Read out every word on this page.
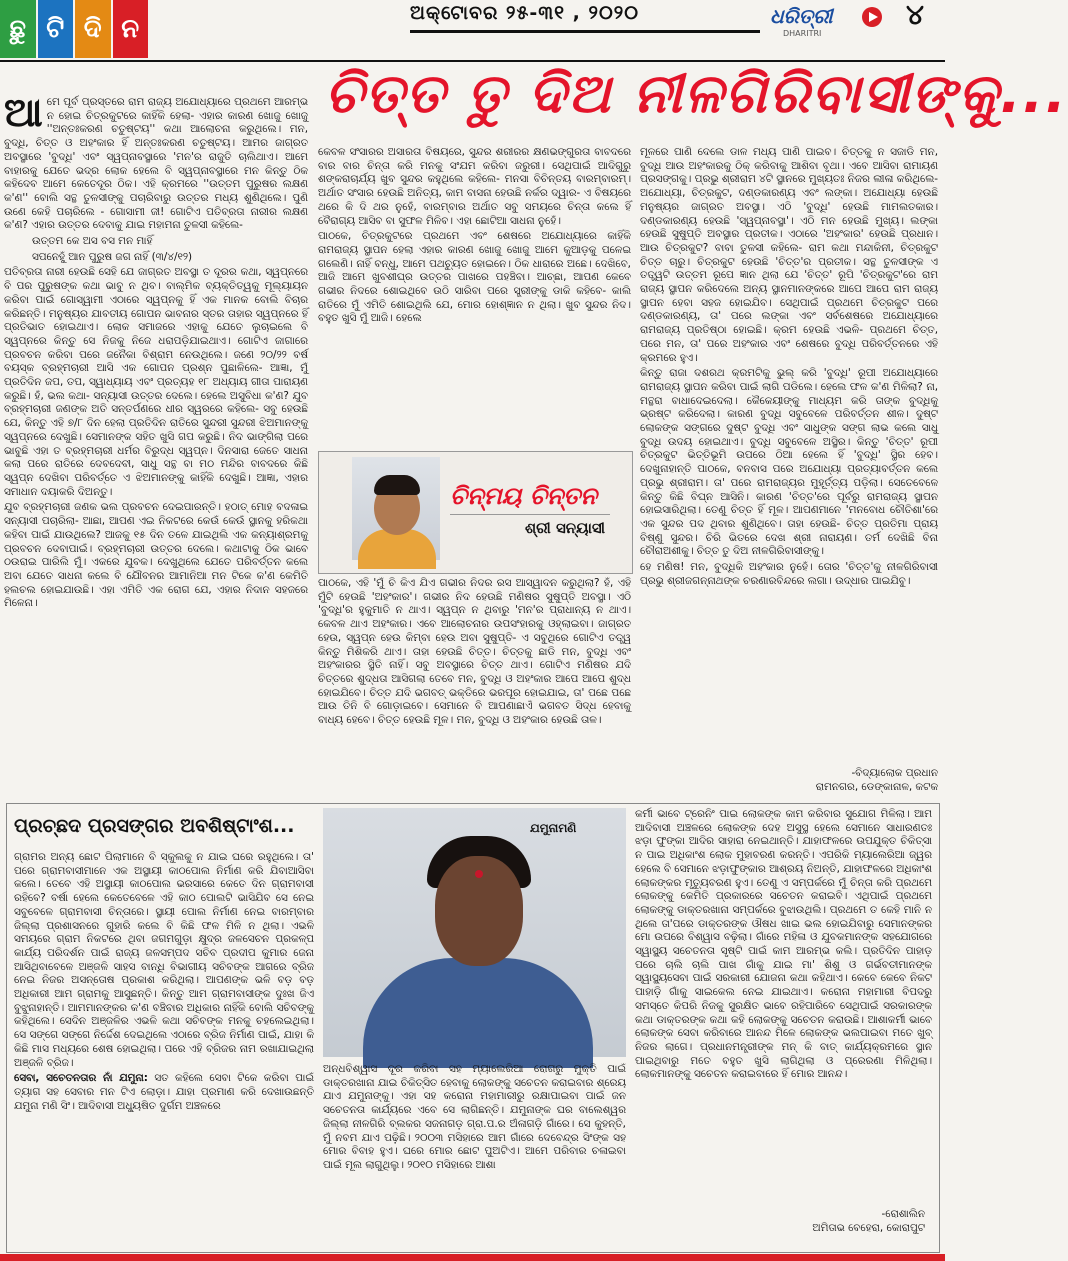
ଛୁ ଟି ଦି ନ
ଅକ୍ଟୋବର ୨୫-୩୧ , ୨୦୨୦	ଧରିତ୍ରୀ
DHARITRI
୪
ଚିତ୍ତ ତୁ ଦିଅ ନୀଳଗିରିବାସୀଙ୍କୁ...

ଆମେ ପୂର୍ବ ପ୍ରସ୍ତରେ ରାମ ରାଜ୍ୟ ଅଯୋଧ୍ୟାରେ ପ୍ରଥମେ ଆରମ୍ଭ ନ ହୋଇ ଚିତ୍ରକୁଟରେ କାହିଁକି ହେଲା- ଏହାର କାରଣ ଖୋଜୁ ଖୋଜୁ ''ଅନ୍ତଃକରଣ ଚତୁଷ୍ଟୟ'' କଥା ଆଲୋଚନା କରୁଥିଲେ। ମନ, ବୁଦ୍ଧି, ଚିତ୍ତ ଓ ଅହଂକାର ହିଁ ଅନ୍ତଃକରଣ ଚତୁଷ୍ଟୟ। ଆମର ଜାଗ୍ରତ ଅବସ୍ଥାରେ 'ବୁଦ୍ଧି' ଏବଂ ସ୍ୱପ୍ନାବସ୍ଥାରେ 'ମନ'ର ରାଜୁତି ଚାଲିଥାଏ। ଆମେ ବାହାରକୁ ଯେତେ ଭଦ୍ର ଲୋକ ହେଲେ ବି ସ୍ୱପ୍ନାବସ୍ଥାରେ ମନ କିନ୍ତୁ ଠିକ କହିଦେବ ଆମେ କେତେଦୂର ଠିକ। ଏହି କ୍ରମରେ ''ଉତ୍ତମ ପୁରୁଷର ଲକ୍ଷଣ କ'ଣ'' ବୋଲି ସନ୍ଥ ତୁଳସୀଙ୍କୁ ପଚାରିବାରୁ ଉତ୍ତର ମଧ୍ୟ ଶୁଣିଥିଲେ। ପୁଣି ଉଣେ କେହି ପଚାରିଲେ - ଗୋସାମୀ ଜୀ! ଗୋଟିଏ ପତିବ୍ରତା ନାରୀର ଲକ୍ଷଣ କ'ଣ? ଏହାର ଉତ୍ତର ଦେବାକୁ ଯାଇ ମହାମନା ତୁଳସୀ କହିଲେ-

ଉତ୍ତମ କେ ଅସ ବସ ମନ ମାହିଁ

ସପନେହୁଁ ଆନ ପୁରୁଷ ଜଗ ନାହିଁ (୩/୪/୧୨)

ପତିବ୍ରତା ନାରୀ ହେଉଛି ସେହି ଯେ ଜାଗ୍ରତ ଅବସ୍ଥା ତ ଦୂରର କଥା, ସ୍ୱପ୍ନରେ ବି ପର ପୁରୁଷଙ୍କ କଥା ଭାବୁ ନ ଥିବ। ବାଲ୍ମିକ ବ୍ୟକ୍ତିତ୍ୱକୁ ମୂଲ୍ୟାୟନ କରିବା ପାଇଁ ଗୋସ୍ୱାମୀ ଏଠାରେ ସ୍ୱପ୍ନକୁ ହିଁ ଏକ ମାନକ ବୋଲି ବିଚାର କରିଛନ୍ତି। ମନୁଷ୍ୟର ଯାବତୀୟ ଗୋପନ ଭାବନାର ସ୍ତର ତାହାର ସ୍ୱପ୍ନରେ ହିଁ ପ୍ରତିଭାତ ହୋଇଥାଏ। ଲୋକ ସମାଜରେ ଏହାକୁ ଯେତେ ଲୁଚାଇଲେ ବି ସ୍ୱପ୍ନରେ କିନ୍ତୁ ସେ ନିଜକୁ ନିଜେ ଧରାପଡ଼ିଯାଇଥାଏ। ଗୋଟିଏ ଜାଗାରେ ପ୍ରବଚନ କରିବା ପରେ ଜନୈକା ବିଶ୍ରାମ ନେଉଥିଲେ। ଜଣେ ୨୦/୨୨ ବର୍ଷ ବୟସ୍କ ବ୍ରହ୍ମଚାରୀ ଆସି ଏକ ଗୋପନ ପ୍ରଶ୍ନ ପୁଛାଳିଲେ- ଆଜ୍ଞା, ମୁଁ ପ୍ରତିଦିନ ଜପ, ତପ, ସ୍ୱାଧ୍ୟାୟ ଏବଂ ପ୍ରତ୍ୟହ ୧୮ ଅଧ୍ୟାୟ ଗୀତା ପାରାୟଣ କରୁଛି। ହଁ, ଭଲ କଥା- ସନ୍ୟାସୀ ଉତ୍ତର ଦେଲେ। ହେଲେ ଅସୁବିଧା କ'ଣ? ଯୁବ ବ୍ରହ୍ମଚାରୀ ଜଣଙ୍କ ଅତି ସନ୍ତର୍ପଣରେ ଧୀର ସ୍ୱରରେ କହିଲେ- ସବୁ ହେଉଛି ଯେ, କିନ୍ତୁ ଏହି ୭/୮ ଦିନ ହେଲା ପ୍ରତିଦିନ ରାତିରେ ସୁନ୍ଦରୀ ସୁନ୍ଦରୀ ଝିଅମାନଙ୍କୁ ସ୍ୱପ୍ନରେ ଦେଖୁଛି। ସେମାନଙ୍କ ସହିତ ଖୁସି ଗପ କରୁଛି। ନିଦ ଭାଙ୍ଗିଲା ପରେ ଭାବୁଛି ଏହା ତ ବ୍ରହ୍ମଚାରୀ ଧର୍ମର ବିରୁଦ୍ଧ ସ୍ୱପ୍ନ। ଦିନସାରା ଜେତେ ସାଧନା କଲା ପରେ ରାତିରେ ଦେବଦେବୀ, ସାଧୁ ସନ୍ଥ ବା ମଠ ମନ୍ଦିର ବାବଦରେ କିଛି ସ୍ୱପ୍ନ ଦେଖିବା ପରିବର୍ତ୍ତେ ଏ ଝିଅମାନଙ୍କୁ କାହିଁକି ଦେଖୁଛି। ଆଜ୍ଞା, ଏହାର ସମାଧାନ ଦୟାକରି ଦିଅନ୍ତୁ।

ଯୁବ ବ୍ରହ୍ମଚାରୀ ଜଣକ ଭଲ ପ୍ରବଚନ ଦେଇପାରନ୍ତି। ହଠାତ୍ ମୋହ ବଦଳାଇ ସନ୍ୟାସୀ ପଚାରିଲା- ଆଛା, ଆପଣ ଏଇ ନିକଟରେ କେଉଁ କେଉଁ ସ୍ଥାନକୁ ହରିକଥା କହିବା ପାଇଁ ଯାଉଥିଲେ? ଆଜକୁ ୧୫ ଦିନ ତଳେ ଯାଇଥିଲି ଏକ କନ୍ୟାଶ୍ରମକୁ ପ୍ରବଚନ ଦେବାପାଇଁ। ବ୍ରହ୍ମଚାରୀ ଉତ୍ତର ଦେଲେ। କଥାଟାକୁ ଠିକ ଭାବେ ଠଉରାଇ ପାରିଲି ମୁଁ। ଏକରେ ଯୁବକ। ଦେଖୁଥିଲେ ଯେତେ ପରିବର୍ତ୍ତନ କଲେ ଅବା ଯେତେ ସାଧନା କଲେ ବି ଯୌବନର ଆମାନିଆ ମନ ଟିକେ କ'ଣ କେମିତି ହଲଚଲ ହୋଇଯାଉଛି। ଏହା ଏମିତି ଏକ ରୋଗ ଯେ, ଏହାର ନିଦାନ ସହଜରେ ମିଳେନା।

କେବଳ ସଂସାରର ଅସାରତା ବିଷୟରେ, ସୁନ୍ଦର ଶରୀରର କ୍ଷଣଭଙ୍ଗୁରତା ବାବଦରେ ବାର ବାର ଚିନ୍ତା କରି ମନକୁ ସଂଯମ କରିବା ଜରୁରୀ। ସେଥିପାଇଁ ଆଦିଗୁରୁ ଶଙ୍କରାଚାର୍ଯ୍ୟ ଖୁବ ସୁନ୍ଦର କହୁଥିଲେ କହିଲେ- ମନସା ବିଚିନ୍ତୟ ବାରମ୍ବାରମ୍। ଅର୍ଥାତ ସଂସାର ହେଉଛି ଅନିତ୍ୟ, କାମ ବାସନା ହେଉଛି ନର୍କର ଦ୍ୱାର- ଏ ବିଷୟରେ ଥରେ କି ଦି ଥର ନୁହେଁ, ବାରମ୍ବାର ଅର୍ଥାତ ସବୁ ସମୟରେ ଚିନ୍ତା କଲେ ହିଁ ବୈରାଗ୍ୟ ଆସିବ ବା ସୁଫଳ ମିଳିବ। ଏହା ଛୋଟିଆ ସାଧନା ନୁହେଁ।

ପାଠକେ, ଚିତ୍ରକୁଟରେ ପ୍ରଥମେ ଏବଂ ଶେଷରେ ଅଯୋଧ୍ୟାରେ କାହିଁକି ରାମରାଜ୍ୟ ସ୍ଥାପନ ହେଲା ଏହାର କାରଣ ଖୋଜୁ ଖୋଜୁ ଆମେ କୁଆଡ଼କୁ ପଳେଇ ଗଲେଣି। ନାହିଁ ବନ୍ଧୁ, ଆମେ ପଥଚ୍ୟୁତ ହୋଇନେ। ଠିକ ଧାରାରେ ଅଛେ। ଦେଖିବେ, ଆଜି ଆମେ ଖୁବଶୀଘ୍ର ଉତ୍ତର ପାଖରେ ପହଞ୍ଚିବା। ଆଚ୍ଛା, ଆପଣ କେବେ ଗଭୀର ନିଦରେ ଶୋଇଥିବେ ଉଠି ସାରିବା ପରେ ସ୍ତ୍ରୀଙ୍କୁ ଡାକି କହିବେ- କାଲି ରାତିରେ ମୁଁ ଏମିତି ଶୋଇଥିଲି ଯେ, ମୋର ହୋଶ୍ଜ୍ଞାନ ନ ଥିଲା। ଖୁବ ସୁନ୍ଦର ନିଦ। ବହୁତ ଖୁସି ମୁଁ ଆଜି। ହେଲେ

ଚିନ୍ମୟ ଚିନ୍ତନ
ଶ୍ରୀ ସନ୍ୟାସୀ

ପାଠକେ, ଏହି 'ମୁଁ ଚି କିଏ ଯିଏ ଗଭୀର ନିଦର ରସ ଆସ୍ୱାଦନ କରୁଥିଲା? ହଁ, ଏହି ମୁଁଟି ହେଉଛି 'ଅହଂକାର'। ଗଭୀର ନିଦ ହେଉଛି ମଣିଷର ସୁଷୁପ୍ତି ଅବସ୍ଥା। ଏଠି 'ବୁଦ୍ଧି'ର ହୁକୁମାତି ନ ଥାଏ। ସ୍ୱପ୍ନ ନ ଥିବାରୁ 'ମନ'ର ପ୍ରାଧାନ୍ୟ ନ ଥାଏ। କେବଳ ଥାଏ ଅହଂକାର। ଏବେ ଆଲୋଚନାର ଉପସଂହାରକୁ ଓହ୍ଲାଇବା। ଜାଗ୍ରତ ହେଉ, ସ୍ୱପ୍ନ ହେଉ କିମ୍ବା ହେଉ ଅବା ସୁଷୁପ୍ତି- ଏ ସବୁଥିରେ ଗୋଟିଏ ତତ୍ତ୍ୱ କିନ୍ତୁ ମିଶିକରି ଥାଏ। ତାହା ହେଉଛି ଚିତ୍ତ। ଚିତ୍ତକୁ ଛାଡି ମନ, ବୁଦ୍ଧି ଏବଂ ଅହଂକାରର ସ୍ଥିତି ନାହିଁ। ସବୁ ଅବସ୍ଥାରେ ଚିତ୍ତ ଥାଏ। ଗୋଟିଏ ମଣିଷର ଯଦି ଚିତ୍ତରେ ଶୁଦ୍ଧତା ଆସିଗଲା ତେବେ ମନ, ବୁଦ୍ଧି ଓ ଅହଂକାର ଆପେ ଆପେ ଶୁଦ୍ଧ ହୋଇଯିବେ। ଚିତ୍ତ ଯଦି ଭଗବତ୍ ଭକ୍ତିରେ ଭରପୂର ହୋଇଯାଇ, ତା' ପଛେ ପଛେ ଆଉ ତିନି ବି ଗୋଡ଼ାଇବେ। ସେମାନେ ବି ଆପଣାଛାଏଁ ଭଗବତ ସିଦ୍ଧ ହେବାକୁ ବାଧ୍ୟ ହେବେ। ଚିତ୍ତ ହେଉଛି ମୂଳ। ମନ, ବୁଦ୍ଧି ଓ ଅହଂକାର ହେଉଛି ତାଳ।

ମୂଳରେ ପାଣି ଦେଲେ ଡାଳ ମଧ୍ୟ ପାଣି ପାଇବ। ଚିତ୍ତକୁ ନ ସଜାଡି ମନ, ବୁଦ୍ଧି ଆଉ ଅହଂକାରକୁ ଠିକ୍ କରିବାକୁ ଆଶିବା ବୃଥା। ଏବେ ଆସିବା ରାମାୟଣ ପ୍ରସଙ୍ଗକୁ। ପ୍ରଭୁ ଶ୍ରୀରାମ ୪ଟି ସ୍ଥାନରେ ମୁଖ୍ୟତଃ ନିଜର ଲୀଳା କରିଥିଲେ- ଅଯୋଧ୍ୟା, ଚିତ୍ରକୁଟ, ଦଣ୍ଡକାରଣ୍ୟ ଏବଂ ଲଙ୍କା। ଅଯୋଧ୍ୟା ହେଉଛି ମନୁଷ୍ୟର ଜାଗ୍ରତ ଅବସ୍ଥା। ଏଠି 'ବୁଦ୍ଧି' ହେଉଛି ମାମଲତକାର। ଦଣ୍ଡକାରଣ୍ୟ ହେଉଛି 'ସ୍ୱପ୍ନାବସ୍ଥା'। ଏଠି ମନ ହେଉଛି ମୁଖ୍ୟ। ଲଙ୍କା ହେଉଛି ସୁଷୁପ୍ତି ଅବସ୍ଥାର ପ୍ରତୀକ। ଏଠାରେ 'ଅହଂକାର' ହେଉଛି ପ୍ରଧାନ। ଆଉ ଚିତ୍ରକୁଟ? ବାବା ତୁଳସୀ କହିଲେ- ରାମ କଥା ମନ୍ଦାକିନୀ, ଚିତ୍ରକୁଟ ଚିତ୍ତ ଚାରୁ। ଚିତ୍ରକୁଟ ହେଉଛି 'ଚିତ୍ତ'ର ପ୍ରତୀକ। ସନ୍ଥ ତୁଳସୀଙ୍କ ଏ ତତ୍ତ୍ୱଟି ଉତ୍ତମ ରୂପେ ଜ୍ଞାନ ଥିଲା ଯେ 'ଚିତ୍ତ' ରୂପି 'ଚିତ୍ରକୁଟ'ରେ ରାମ ରାଜ୍ୟ ସ୍ଥାପନ କରିଦେଲେ ଅନ୍ୟ ସ୍ଥାନମାନଙ୍କରେ ଆପେ ଆପେ ରାମ ରାଜ୍ୟ ସ୍ଥାପନ ହେବା ସହଜ ହୋଇଯିବ। ସେଥିପାଇଁ ପ୍ରଥମେ ଚିତ୍ରକୁଟ ପରେ ଦଣ୍ଡକାରଣ୍ୟ, ତା' ପରେ ଲଙ୍କା ଏବଂ ସର୍ବଶେଷରେ ଅଯୋଧ୍ୟାରେ ରାମରାଜ୍ୟ ପ୍ରତିଷ୍ଠା ହୋଇଛି। କ୍ରମ ହେଉଛି ଏଭଳି- ପ୍ରଥମେ ଚିତ୍ତ, ପରେ ମନ, ତା' ପରେ ଅହଂକାର ଏବଂ ଶେଷରେ ବୁଦ୍ଧି ପରିବର୍ତ୍ତନରେ ଏହି କ୍ରମରେ ହୁଏ।

କିନ୍ତୁ ରାଜା ଦଶରଥ କ୍ରମଟିକୁ ଭୁଲ୍ କରି 'ବୁଦ୍ଧି' ରୂପୀ ଅଯୋଧ୍ୟାରେ ରାମରାଜ୍ୟ ସ୍ଥାପନ କରିବା ପାଇଁ ଲାଗି ପଡିଲେ। ହେଲେ ଫଳ କ'ଣ ମିଳିଲା? ନା, ମନ୍ଥରା ବାଧାଦେଇଦେଲା। କୈକେୟୀଙ୍କୁ ମାଧ୍ୟମ କରି ତାଙ୍କ ବୁଦ୍ଧିକୁ ଭ୍ରଷ୍ଟ କରିଦେଲା। କାରଣ ବୁଦ୍ଧି ସବୁବେଳେ ପରିବର୍ତ୍ତନ ଶୀଳ। ଦୁଷ୍ଟ ଲୋକଙ୍କ ସଙ୍ଗରେ ଦୁଷ୍ଟ ବୁଦ୍ଧି ଏବଂ ସାଧୁଙ୍କ ସଙ୍ଗ ଲାଭ କଲେ ସାଧୁ ବୁଦ୍ଧି ଉଦୟ ହୋଇଥାଏ। ବୁଦ୍ଧି ସବୁବେଳେ ଅସ୍ଥିର। କିନ୍ତୁ 'ଚିତ୍ତ' ରୂପୀ ଚିତ୍ରକୁଟ ଭିତ୍ତିଭୂମି ଉପରେ ଠିଆ ହେଲେ ହିଁ 'ବୁଦ୍ଧି' ସ୍ଥିର ହେବ। ଦେଖୁନାହାନ୍ତି ପାଠକେ, ବନବାସ ପରେ ଅଯୋଧ୍ୟା ପ୍ରତ୍ୟାବର୍ତ୍ତନ କଲେ ପ୍ରଭୁ ଶ୍ରୀରାମ। ତା' ପରେ ରାମରାଜ୍ୟର ମୁହୂର୍ତ୍ତ୍ୟ ପଡ଼ିଲା। ସେତେବେଳେ କିନ୍ତୁ କିଛି ବିଘ୍ନ ଆସିନି। କାରଣ 'ଚିତ୍ତ'ରେ ପୂର୍ବରୁ ରାମରାଜ୍ୟ ସ୍ଥାପନ ହୋଇସାରିଥିଲା। ତେଣୁ ଚିତ୍ତ ହିଁ ମୂଳ। ଆପଣମାନେ 'ମନବୋଧ ଚୌତିଶା'ରେ ଏକ ସୁନ୍ଦର ପଦ ଥିବାର ଶୁଣିଥିବେ। ତାହା ହେଉଛି- ଚିତ୍ତ ପ୍ରତିମା ପ୍ରାୟ ବିଷ୍ଣୁ ସୁନ୍ଦର। ଚିରି ଭିତରେ ଦେଖ ଶ୍ରୀ ନାରାୟଣ। ତର୍ମ ଦେଖିଛି ବିନା ଚୌରାଅଶୀକୁ। ଚିତ୍ତ ତୁ ଦିଅ ନୀଳଗିରିବାସୀଙ୍କୁ।

ହେ ମଣିଷ! ମନ, ବୁଦ୍ଧିକି ଅହଂକାର ନୁହେଁ। ତୋର 'ଚିତ୍ତ'କୁ ନୀଳଗିରିବାସୀ ପ୍ରଭୁ ଶ୍ରୀଜଗନ୍ନାଥଙ୍କ ଚରଣାରବିନ୍ଦରେ ଲଗା। ଉଦ୍ଧାର ପାଇଯିବୁ।

-ବିଦ୍ୟାଲୋକ ପ୍ରଧାନ
ରାମନଗର, ଡେଙ୍କାନାଳ, କଟକ
ପ୍ରଚ୍ଛଦ ପ୍ରସଙ୍ଗର ଅବଶିଷ୍ଟାଂଶ...

ଗ୍ରାମର ଅନ୍ୟ ଛୋଟ ପିଲାମାନେ ବି ସ୍କୁଲକୁ ନ ଯାଇ ଘରେ ରହୁଥିଲେ। ତା' ପରେ ଗ୍ରାମବାସୀମାନେ ଏକ ଅସ୍ଥାୟୀ କାଠପୋଲ ନିର୍ମାଣ କରି ଯିବାଆସିବା କଲେ। ତେବେ ଏହି ଅସ୍ଥାୟୀ କାଠପୋଲ ଭରସାରେ କେତେ ଦିନ ଗ୍ରାମବାସୀ ରହିବେ? ବର୍ଷା ହେଲେ କେତେବେଳେ ଏହି କାଠ ପୋଲଟି ଭାସିଯିବ ସେ ନେଇ ସବୁବେଳେ ଗ୍ରାମବାସୀ ଚିନ୍ତାରେ। ସ୍ଥାୟୀ ପୋଲ ନିର୍ମାଣ ନେଇ ବାରମ୍ବାର ଜିଲ୍ଲା ପ୍ରଶାସନରେ ଗୁହାରି କଲେ ବି କିଛି ଫଳ ମିଳି ନ ଥିଲା। ଏଭଳି ସମୟରେ ଗ୍ରାମ ନିକଟରେ ଥିବା ଜଗମଗୁଡ଼ା କ୍ଷୁଦ୍ର ଜଳସେଚନ ପ୍ରକଳ୍ପ କାର୍ଯ୍ୟ ପରିଦର୍ଶନ ପାଇଁ ରାଜ୍ୟ ଜଳସମ୍ପଦ ସଚିବ ପ୍ରଦୀପ କୁମାର ଜେନା ଆସିଥିବାବେଳେ ଅଞ୍ଜଳି ସାହସ ବାନ୍ଧି ବିଭାଗୀୟ ସଚିବଙ୍କ ଆଗରେ ବ୍ରିଜ ନେଇ ନିଜର ଅସନ୍ତୋଷ ପ୍ରକାଶ କରିଥିଲା। ଆପଣଙ୍କ ଭଳି ବଡ଼ ବଡ଼ ଅଧିକାରୀ ଆମ ଗ୍ରାମକୁ ଆସୁଛନ୍ତି। କିନ୍ତୁ ଆମ ଗ୍ରାମବାସୀଙ୍କ ଦୁଃଖ ଜିଏ ବୁଝୁନାହାନ୍ତି। ଆମମାନଙ୍କର କ'ଣ ବଞ୍ଚିବାର ଅଧିକାର ନାହିଁକି ବୋଲି ସଚିବଙ୍କୁ କହିଥିଲେ। ସେଦିନ ଅଞ୍ଜଳିର ଏଭଳି କଥା ସଚିବଙ୍କ ମନକୁ ଚହଲେଇଥିଲା। ସେ ସଙ୍ଗେ ସଙ୍ଗେ ନିର୍ଦ୍ଦେଶ ଦେଇଥିଲେ ଏଠାରେ ବ୍ରିଜ ନିର୍ମାଣ ପାଇଁ, ଯାହା କି କିଛି ମାସ ମଧ୍ୟରେ ଶେଷ ହୋଇଥିଲା। ପରେ ଏହି ବ୍ରିଜର ନାମ ରଖାଯାଇଥିଲା ଅଞ୍ଜଳି ବ୍ରିଜ।

ସେବା, ସଚେତନତାର ନାଁ ଯମୁନା: ସତ କହିଲେ ସେବା ଟିକେ କରିବା ପାଇଁ ତ୍ୟାଗ ସହ ସେବାର ମନ ଟିଏ ଲୋଡ଼ା। ଯାହା ପ୍ରମାଣ କରି ଦେଖାଉଛନ୍ତି ଯମୁନା ମଣି ସିଂ। ଆଦିବାସୀ ଅଧ୍ୟୁଷିତ ଦୁର୍ଗମ ଅଞ୍ଚଳରେ

ଯମୁନାମଣି

ଅନ୍ଧବିଶ୍ୱାସ ଦୂର କରିବା ସହ ମ୍ୟାଲେରିଆ ରୋଗରୁ ମୁକ୍ତି ପାଇଁ ଡାକ୍ତରଖାନା ଯାଇ ଚିକିତ୍ସିତ ହେବାକୁ ଲୋକଙ୍କୁ ସଚେତନ କରାଇବାର ଶ୍ରେୟ ଯାଏ ଯମୁନାଙ୍କୁ। ଏହା ସହ କରୋନା ମହାମାରୀରୁ ରକ୍ଷାପାଇବା ପାଇଁ ଜନ ସଚେତନତା କାର୍ଯ୍ୟରେ ଏବେ ସେ ଲାଗିଛନ୍ତି। ଯମୁନାଙ୍କ ଘର ବାଲେଶ୍ୱର ଜିଲ୍ଲା ନୀଳଗିରି ବ୍ଲକର ସଜନାଗଡ଼ ଗ୍ରା.ପ.ର ଅଁଳାଗଡ଼ି ଗାଁରେ। ସେ କୁହନ୍ତି, ମୁଁ ନବମ ଯାଏ ପଢ଼ିଛି। ୨୦୦୩ ମସିହାରେ ଆମ ଗାଁରେ ଦେବେନ୍ଦ୍ର ସିଂଙ୍କ ସହ ମୋର ବିବାହ ହୁଏ। ଘରେ ମୋର ଛୋଟ ପୁଅଟିଏ। ଆମେ ପରିବାର ଚଳାଇବା ପାଇଁ ମୂଲ ଲାଗୁଥିଲୁ। ୨୦୧୦ ମସିହାରେ ଆଶା

କର୍ମୀ ଭାବେ ଟ୍ରେନିଂ ପାଇ ଲୋକଙ୍କ କାମ କରିବାର ସୁଯୋଗ ମିଳିଲା। ଆମ ଆଦିବାସୀ ଅଞ୍ଚଳରେ ଲୋକଙ୍କ ଦେହ ଅସୁସ୍ଥ ହେଲେ ସେମାନେ ସାଧାରଣତଃ ଝଡ଼ା ଫୁଙ୍କା ଆଦିର ସାହାରା ନେଇଥାନ୍ତି। ଯାହାଫଳରେ ଉପଯୁକ୍ତ ଚିକିତ୍ସା ନ ପାଇ ଅଧିକାଂଶ ଲୋକ ମୁହାବରଣ କରନ୍ତି। ଏପରିକି ମ୍ୟାଲେରିଆ ଜ୍ୱର ହେଲେ ବି ସେମାନେ ଝଡ଼ାଫୁଙ୍କାର ଆଶ୍ରୟ ନିଅନ୍ତି, ଯାହାଫଳରେ ଅଧିକାଂଶ ଲୋକଙ୍କର ମୃତ୍ୟୁବରଣ ହୁଏ। ତେଣୁ ଏ ସମ୍ପର୍କରେ ମୁଁ ଚିନ୍ତା କରି ପ୍ରଥମେ ଲୋକଙ୍କୁ କେମିତି ପ୍ରକାରରେ ସଚେତନ କରାଇବି। ଏଥିପାଇଁ ପ୍ରଥମେ ଲୋକଙ୍କୁ ଡାକ୍ତରଖାନା ସମ୍ପର୍କରେ ବୁଝାଉଥିଲି। ପ୍ରଥମେ ତ କେହି ମାନି ନ ଥିଲେ ତା'ପରେ ଡାକ୍ତରଙ୍କ ଔଷଧ ଖାଇ ଭଲ ହୋଇଯିବାରୁ ସେମାନଙ୍କର ମୋ ଉପରେ ବିଶ୍ୱାସ ବଢ଼ିଲା। ଗାଁରେ ମହିଳା ଓ ଯୁବକମାନଙ୍କ ସହଯୋଗରେ ସ୍ୱାସ୍ଥ୍ୟ ସଚେତନତା ସୃଷ୍ଟି ପାଇଁ କାମ ଆରମ୍ଭ କଲି। ପ୍ରତିଦିନ ପାହାଡ଼ ପରେ ଚାଲି ଚାଲି ପାଖ ଗାଁକୁ ଯାଇ ମା' ଶିଶୁ ଓ ଗର୍ଭବତୀମାନଙ୍କ ସ୍ୱାସ୍ଥ୍ୟସେବା ପାଇଁ ସରକାରୀ ଯୋଜନା କଥା କହିଥାଏ। କେବେ କେବେ ନିକଟ ପାହାଡ଼ି ଗାଁକୁ ସାଇକେଲ ନେଇ ଯାଇଥାଏ। କରୋନା ମହାମାରୀ ବିପଦରୁ ସମସ୍ତେ କିପରି ନିଜକୁ ସୁରକ୍ଷିତ ଭାବେ ରହିପାରିବେ ସେଥିପାଇଁ ସରକାରଙ୍କ କଥା ଡାକ୍ତରଙ୍କ କଥା କହି ଲୋକଙ୍କୁ ସଚେତନ କରାଉଛି। ଆଶାକର୍ମୀ ଭାବେ ଲୋକଙ୍କ ସେବା କରିବାରେ ଆନନ୍ଦ ମିଳେ ଲୋକଙ୍କ ଭଲପାଇବା ମତେ ଖୁବ୍ ନିଜର ଲାଗେ। ପ୍ରଧାନମନ୍ତ୍ରୀଙ୍କ ମନ୍ କି ବାତ୍ କାର୍ଯ୍ୟକ୍ରମରେ ସ୍ଥାନ ପାଇଥିବାରୁ ମତେ ବହୁତ ଖୁସି ଲାଗିଥିଲା ଓ ପ୍ରେରଣା ମିଳିଥିଲା। ଲୋକମାନଙ୍କୁ ସଚେତନ କରାଇବାରେ ହିଁ ମୋର ଆନନ୍ଦ।

-ରୋଶାଲିନ
ଅମିତାଭ ବେହେରା, କୋରାପୁଟ
